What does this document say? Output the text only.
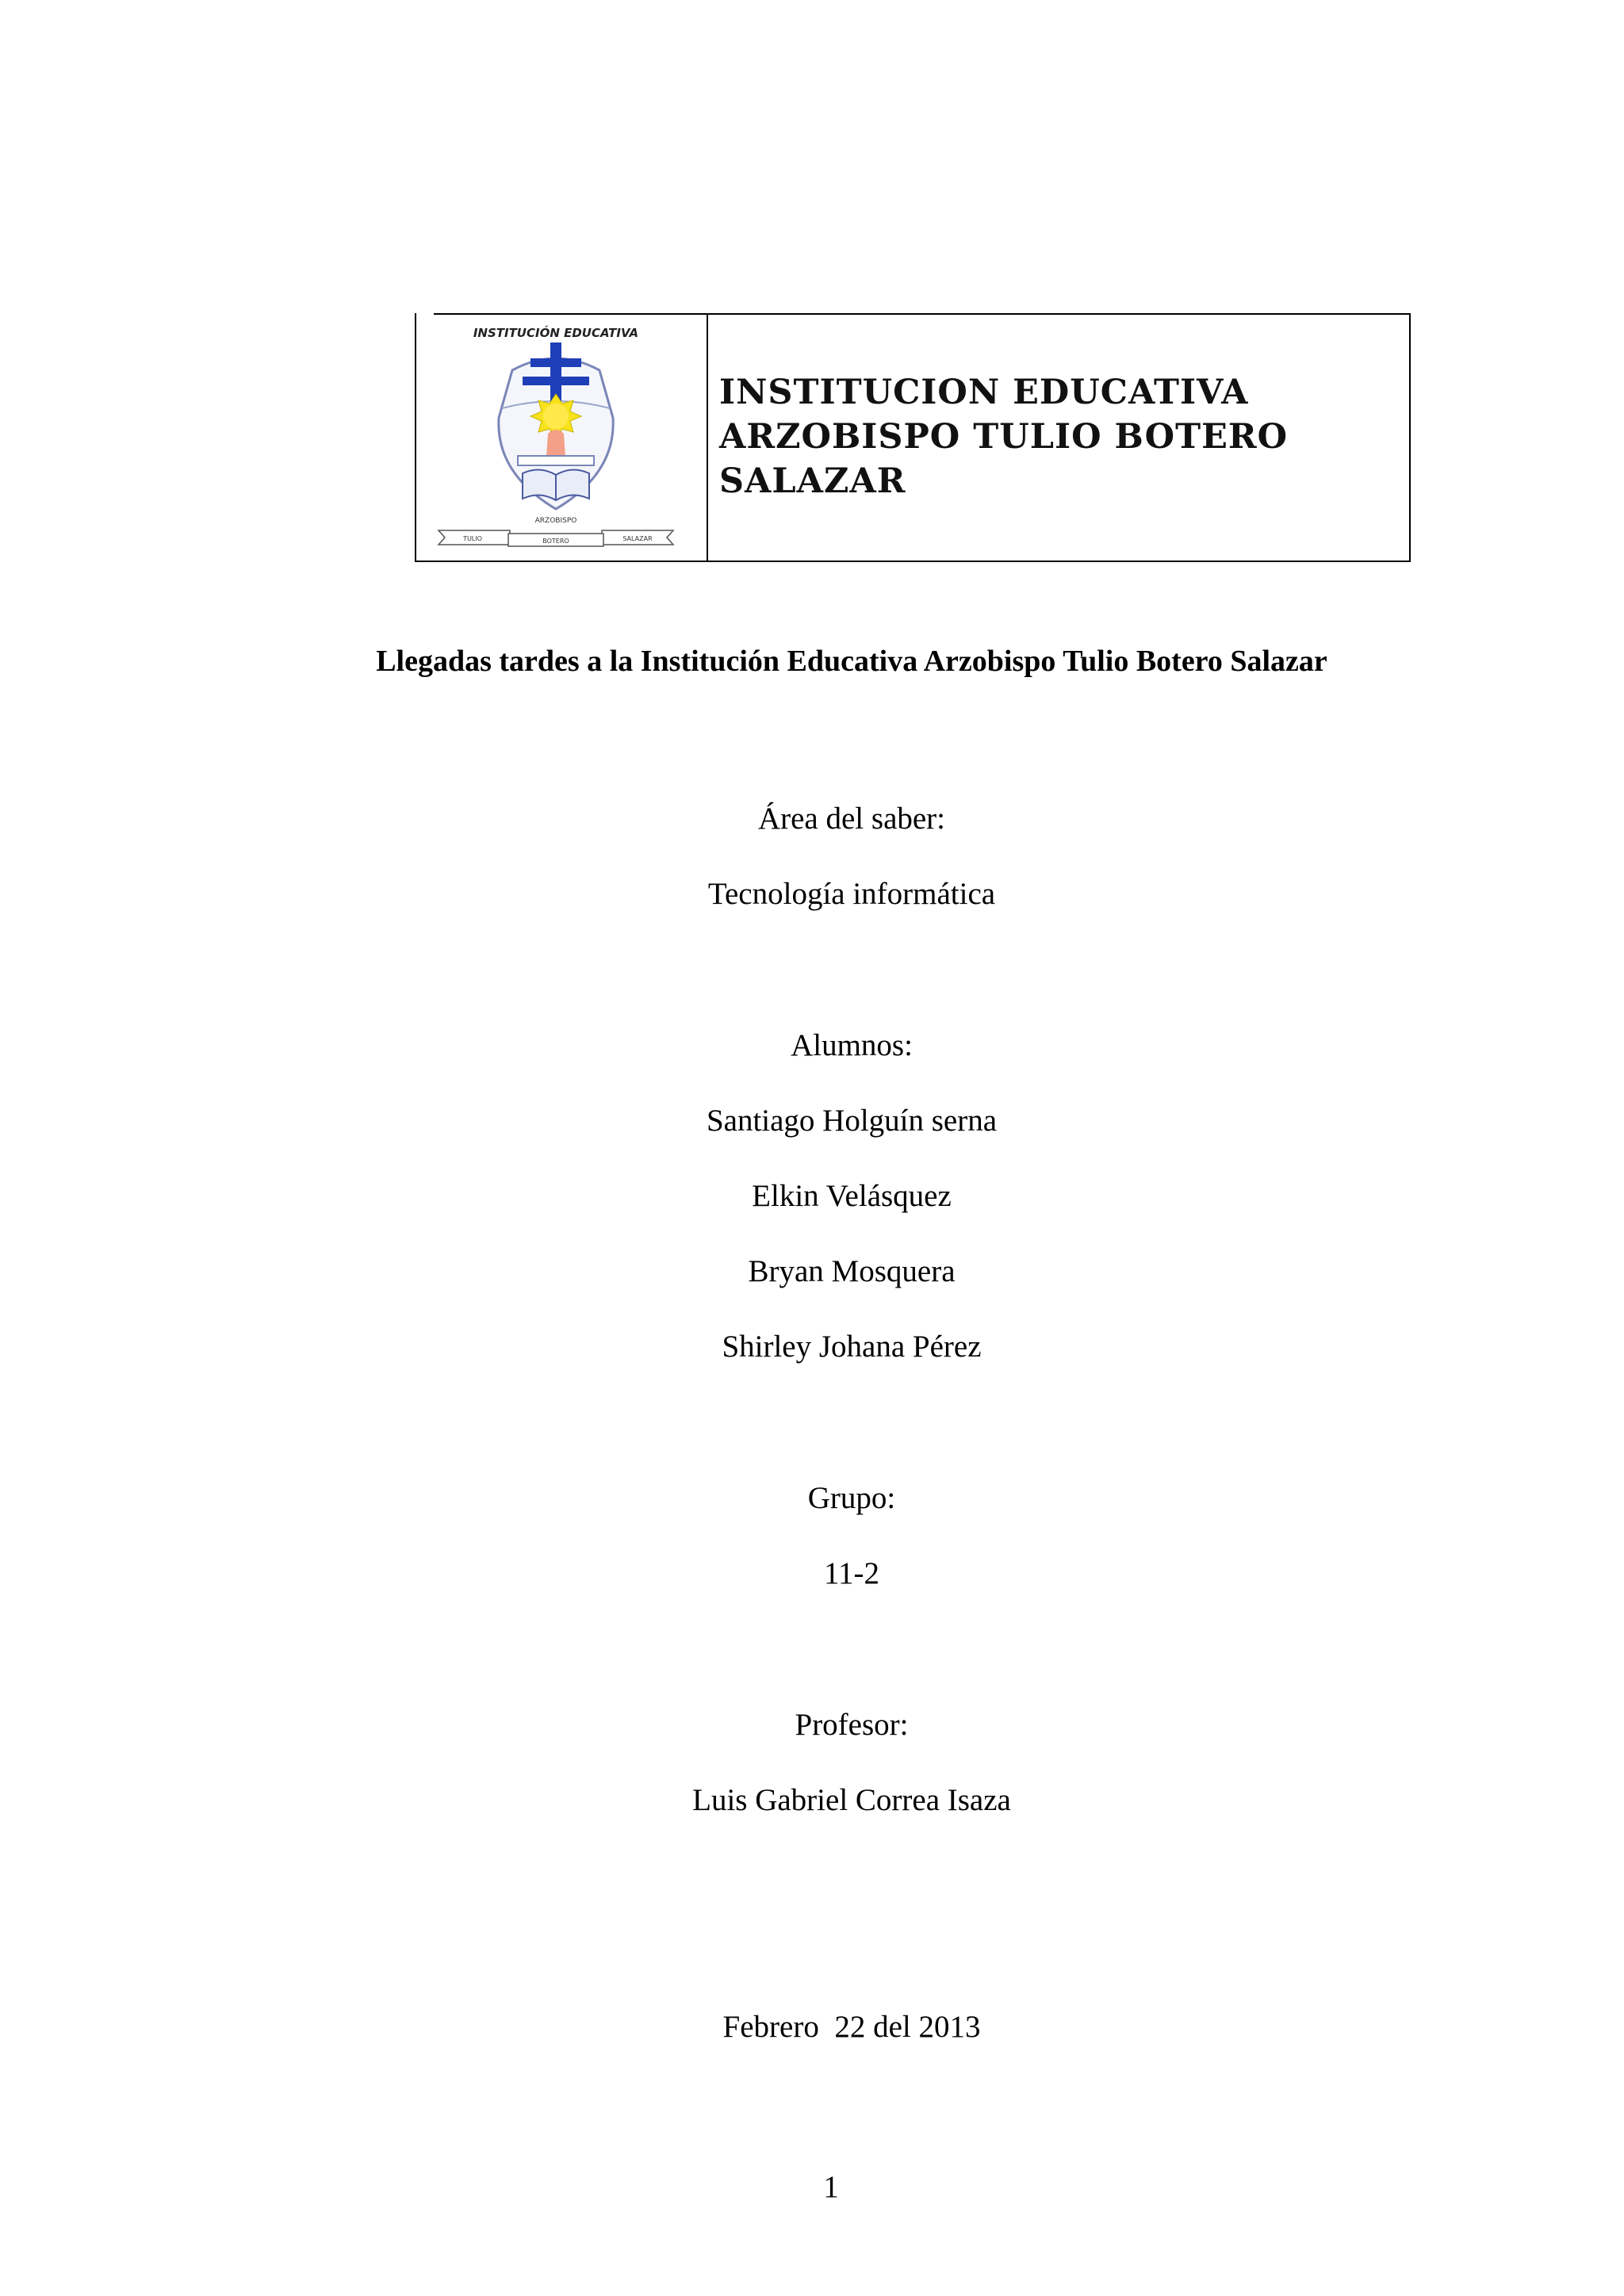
INSTITUCIÓN EDUCATIVA
ARZOBISPO
TULIO	BOTERO	SALAZAR
INSTITUCION EDUCATIVA
ARZOBISPO TULIO BOTERO
SALAZAR
Llegadas tardes a la Institución Educativa Arzobispo Tulio Botero Salazar
Área del saber:
Tecnología informática
Alumnos:
Santiago Holguín serna
Elkin Velásquez
Bryan Mosquera
Shirley Johana Pérez
Grupo:
11-2
Profesor:
Luis Gabriel Correa Isaza
Febrero  22 del 2013
1
